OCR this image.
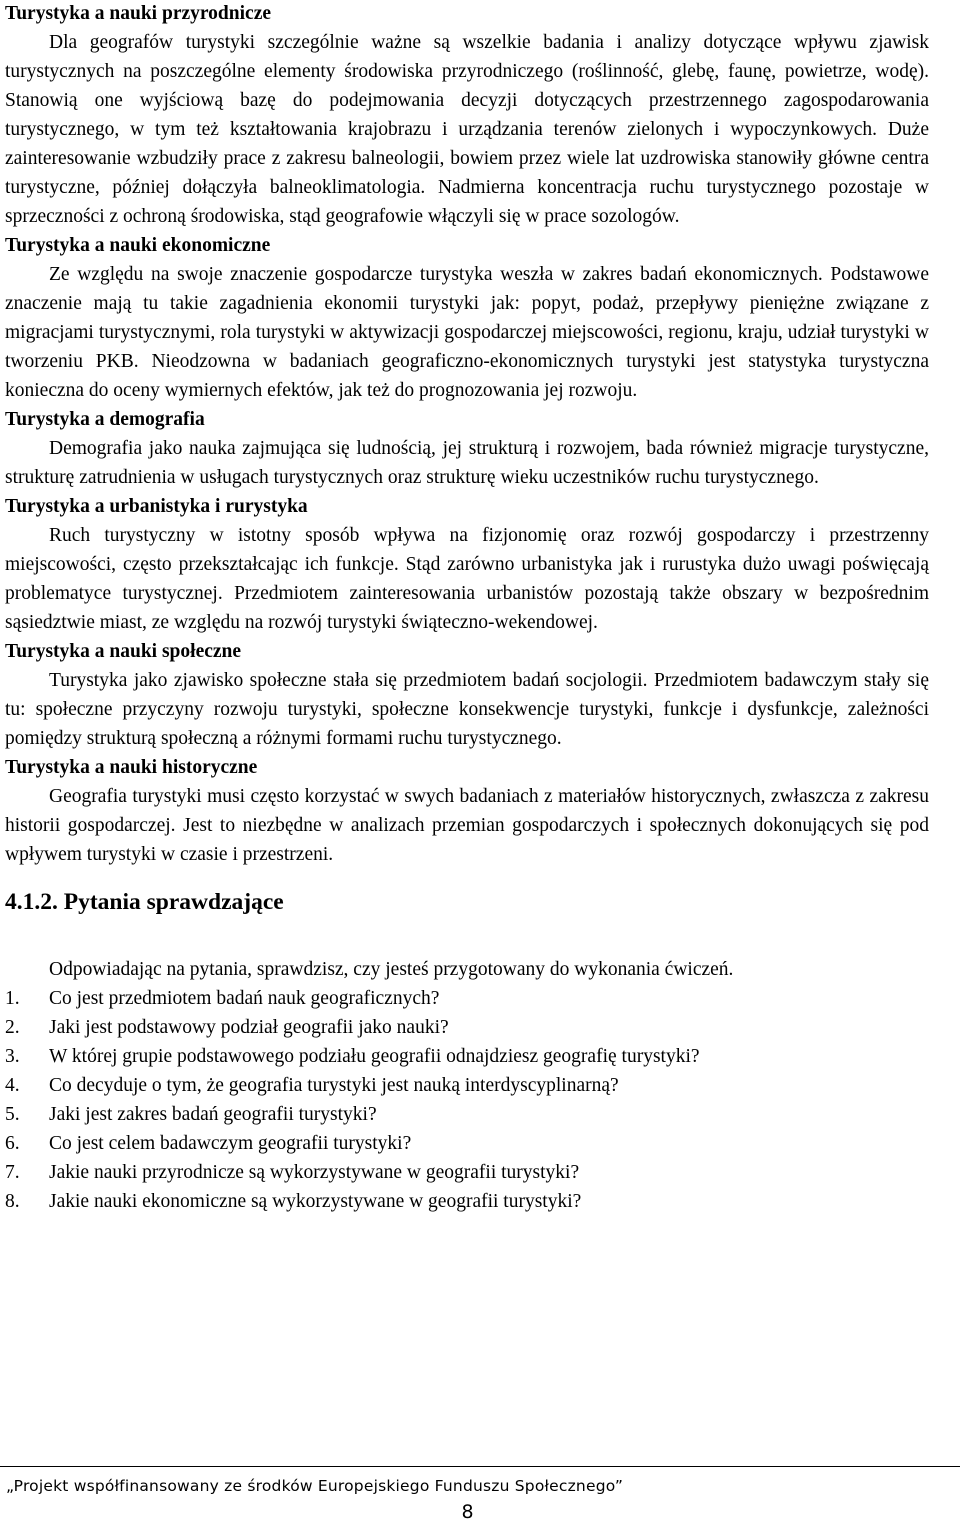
Turystyka a nauki przyrodnicze

Dla geografów turystyki szczególnie ważne są wszelkie badania i analizy dotyczące wpływu zjawisk turystycznych na poszczególne elementy środowiska przyrodniczego (roślinność, glebę, faunę, powietrze, wodę). Stanowią one wyjściową bazę do podejmowania decyzji dotyczących przestrzennego zagospodarowania turystycznego, w tym też kształtowania krajobrazu i urządzania terenów zielonych i wypoczynkowych. Duże zainteresowanie wzbudziły prace z zakresu balneologii, bowiem przez wiele lat uzdrowiska stanowiły główne centra turystyczne, później dołączyła balneoklimatologia. Nadmierna koncentracja ruchu turystycznego pozostaje w sprzeczności z ochroną środowiska, stąd geografowie włączyli się w prace sozologów.

Turystyka a nauki ekonomiczne

Ze względu na swoje znaczenie gospodarcze turystyka weszła w zakres badań ekonomicznych. Podstawowe znaczenie mają tu takie zagadnienia ekonomii turystyki jak: popyt, podaż, przepływy pieniężne związane z migracjami turystycznymi, rola turystyki w aktywizacji gospodarczej miejscowości, regionu, kraju, udział turystyki w tworzeniu PKB. Nieodzowna w badaniach geograficzno-ekonomicznych turystyki jest statystyka turystyczna konieczna do oceny wymiernych efektów, jak też do prognozowania jej rozwoju.

Turystyka a demografia

Demografia jako nauka zajmująca się ludnością, jej strukturą i rozwojem, bada również migracje turystyczne, strukturę zatrudnienia w usługach turystycznych oraz strukturę wieku uczestników ruchu turystycznego.

Turystyka a urbanistyka i rurystyka

Ruch turystyczny w istotny sposób wpływa na fizjonomię oraz rozwój gospodarczy i przestrzenny miejscowości, często przekształcając ich funkcje. Stąd zarówno urbanistyka jak i rurustyka dużo uwagi poświęcają problematyce turystycznej. Przedmiotem zainteresowania urbanistów pozostają także obszary w bezpośrednim sąsiedztwie miast, ze względu na rozwój turystyki świąteczno-wekendowej.

Turystyka a nauki społeczne

Turystyka jako zjawisko społeczne stała się przedmiotem badań socjologii. Przedmiotem badawczym stały się tu: społeczne przyczyny rozwoju turystyki, społeczne konsekwencje turystyki, funkcje i dysfunkcje, zależności pomiędzy strukturą społeczną a różnymi formami ruchu turystycznego.

Turystyka a nauki historyczne

Geografia turystyki musi często korzystać w swych badaniach z materiałów historycznych, zwłaszcza z zakresu historii gospodarczej. Jest to niezbędne w analizach przemian gospodarczych i społecznych dokonujących się pod wpływem turystyki w czasie i przestrzeni.

4.1.2. Pytania sprawdzające

Odpowiadając na pytania, sprawdzisz, czy jesteś przygotowany do wykonania ćwiczeń.

1.	Co jest przedmiotem badań nauk geograficznych?
2.	Jaki jest podstawowy podział geografii jako nauki?
3.	W której grupie podstawowego podziału geografii odnajdziesz geografię turystyki?
4.	Co decyduje o tym, że geografia turystyki jest nauką interdyscyplinarną?
5.	Jaki jest zakres badań geografii turystyki?
6.	Co jest celem badawczym geografii turystyki?
7.	Jakie nauki przyrodnicze są wykorzystywane w geografii turystyki?
8.	Jakie nauki ekonomiczne są wykorzystywane w geografii turystyki?
„Projekt współfinansowany ze środków Europejskiego Funduszu Społecznego”
8
